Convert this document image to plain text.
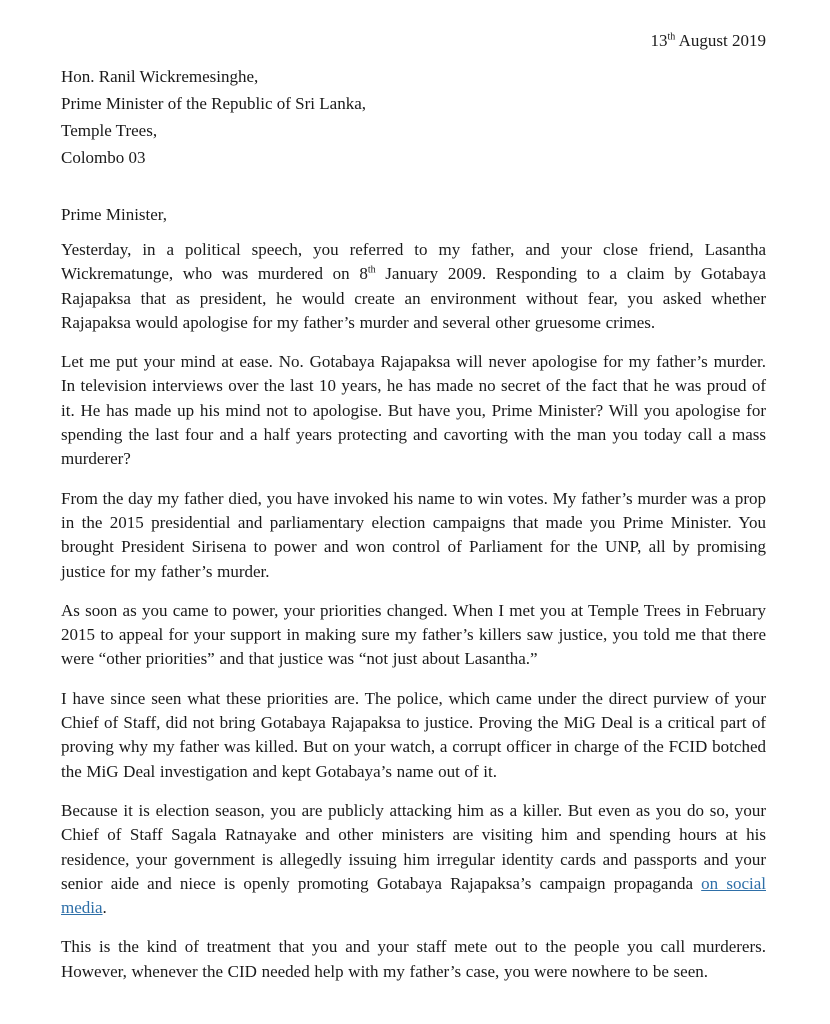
13th August 2019
Hon. Ranil Wickremesinghe,
Prime Minister of the Republic of Sri Lanka,
Temple Trees,
Colombo 03
Prime Minister,

Yesterday, in a political speech, you referred to my father, and your close friend, Lasantha Wickrematunge, who was murdered on 8th January 2009. Responding to a claim by Gotabaya Rajapaksa that as president, he would create an environment without fear, you asked whether Rajapaksa would apologise for my father’s murder and several other gruesome crimes.

Let me put your mind at ease. No. Gotabaya Rajapaksa will never apologise for my father’s murder. In television interviews over the last 10 years, he has made no secret of the fact that he was proud of it. He has made up his mind not to apologise. But have you, Prime Minister? Will you apologise for spending the last four and a half years protecting and cavorting with the man you today call a mass murderer?

From the day my father died, you have invoked his name to win votes. My father’s murder was a prop in the 2015 presidential and parliamentary election campaigns that made you Prime Minister. You brought President Sirisena to power and won control of Parliament for the UNP, all by promising justice for my father’s murder.

As soon as you came to power, your priorities changed. When I met you at Temple Trees in February 2015 to appeal for your support in making sure my father’s killers saw justice, you told me that there were “other priorities” and that justice was “not just about Lasantha.”

I have since seen what these priorities are. The police, which came under the direct purview of your Chief of Staff, did not bring Gotabaya Rajapaksa to justice. Proving the MiG Deal is a critical part of proving why my father was killed. But on your watch, a corrupt officer in charge of the FCID botched the MiG Deal investigation and kept Gotabaya’s name out of it.

Because it is election season, you are publicly attacking him as a killer. But even as you do so, your Chief of Staff Sagala Ratnayake and other ministers are visiting him and spending hours at his residence, your government is allegedly issuing him irregular identity cards and passports and your senior aide and niece is openly promoting Gotabaya Rajapaksa’s campaign propaganda on social media.

This is the kind of treatment that you and your staff mete out to the people you call murderers. However, whenever the CID needed help with my father’s case, you were nowhere to be seen.
